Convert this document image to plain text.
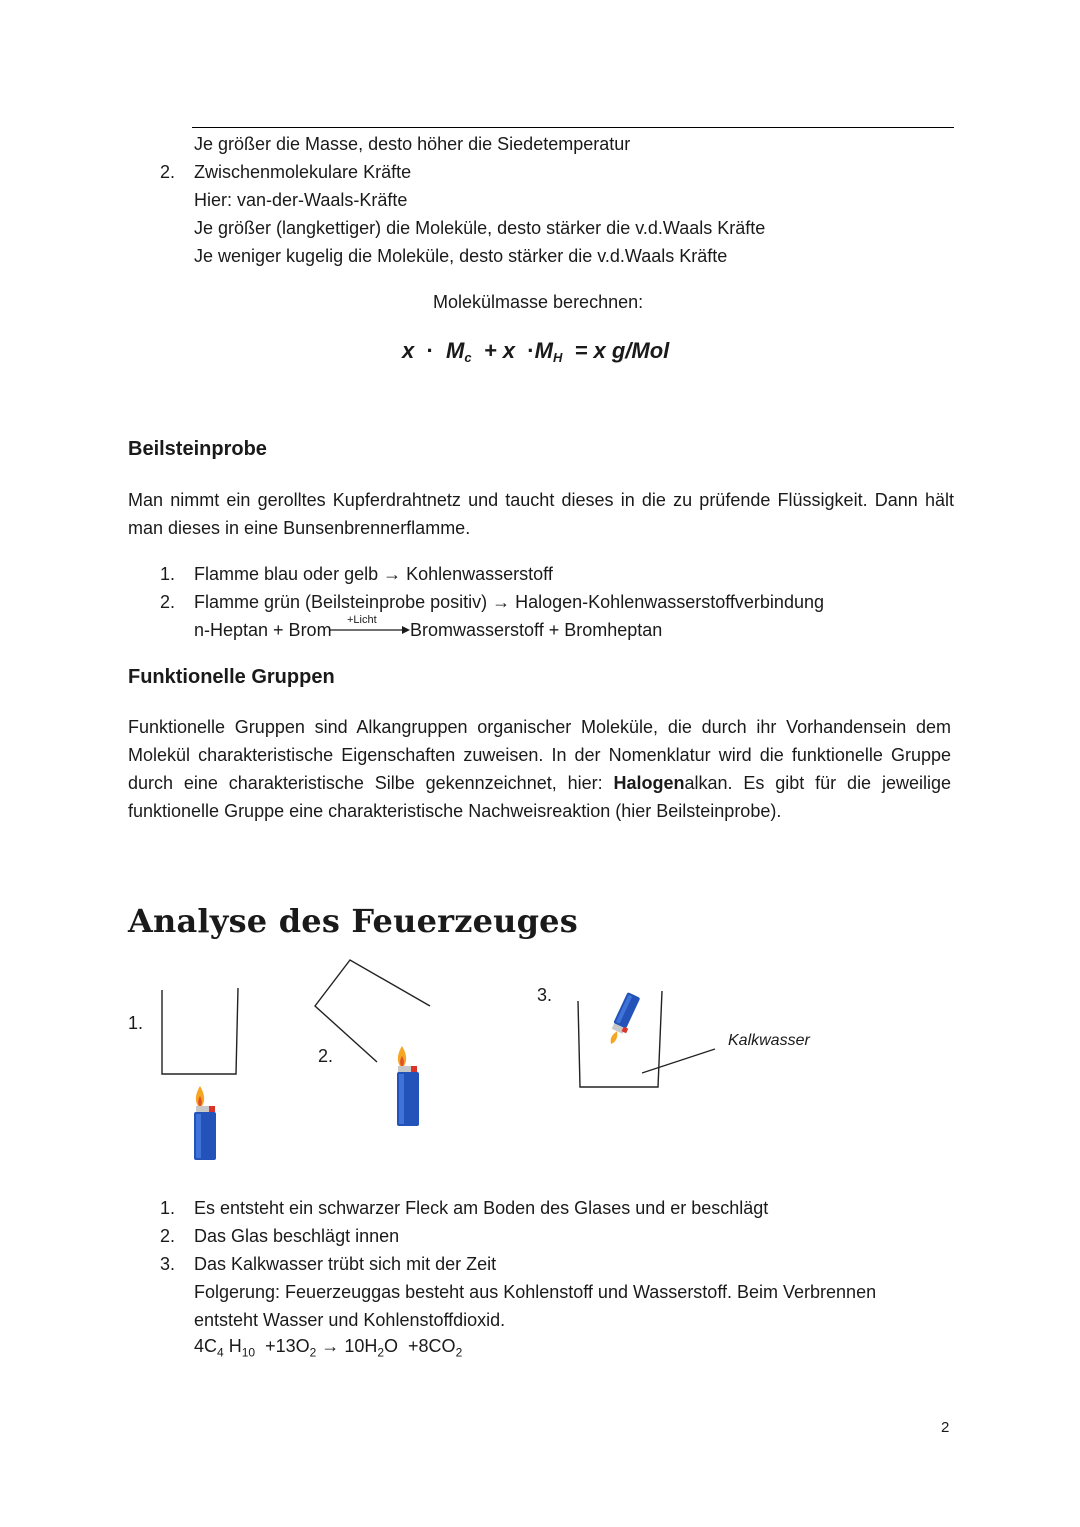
Je größer die Masse, desto höher die Siedetemperatur
2. Zwischenmolekulare Kräfte
Hier: van-der-Waals-Kräfte
Je größer (langkettiger) die Moleküle, desto stärker die v.d.Waals Kräfte
Je weniger kugelig die Moleküle, desto stärker die v.d.Waals Kräfte
Molekülmasse berechnen:
$x \cdot M_c + x \cdot M_H = x$ g/Mol
Beilsteinprobe
Man nimmt ein gerolltes Kupferdrahtnetz und taucht dieses in die zu prüfende Flüssigkeit. Dann hält man dieses in eine Bunsenbrennerflamme.
1. Flamme blau oder gelb → Kohlenwasserstoff
2. Flamme grün (Beilsteinprobe positiv) → Halogen-Kohlenwasserstoffverbindung
n-Heptan + Brom +Licht Bromwasserstoff + Bromheptan
Funktionelle Gruppen
Funktionelle Gruppen sind Alkangruppen organischer Moleküle, die durch ihr Vorhandensein dem Molekül charakteristische Eigenschaften zuweisen. In der Nomenklatur wird die funktionelle Gruppe durch eine charakteristische Silbe gekennzeichnet, hier: Halogenalkan. Es gibt für die jeweilige funktionelle Gruppe eine charakteristische Nachweisreaktion (hier Beilsteinprobe).
Analyse des Feuerzeuges
1.
2.
3.
Kalkwasser
1. Es entsteht ein schwarzer Fleck am Boden des Glases und er beschlägt
2. Das Glas beschlägt innen
3. Das Kalkwasser trübt sich mit der Zeit
Folgerung: Feuerzeuggas besteht aus Kohlenstoff und Wasserstoff. Beim Verbrennen
entsteht Wasser und Kohlenstoffdioxid.
$4C_4$ $H_{10} +13O_2 \to 10H_2O +8CO_2$
2
